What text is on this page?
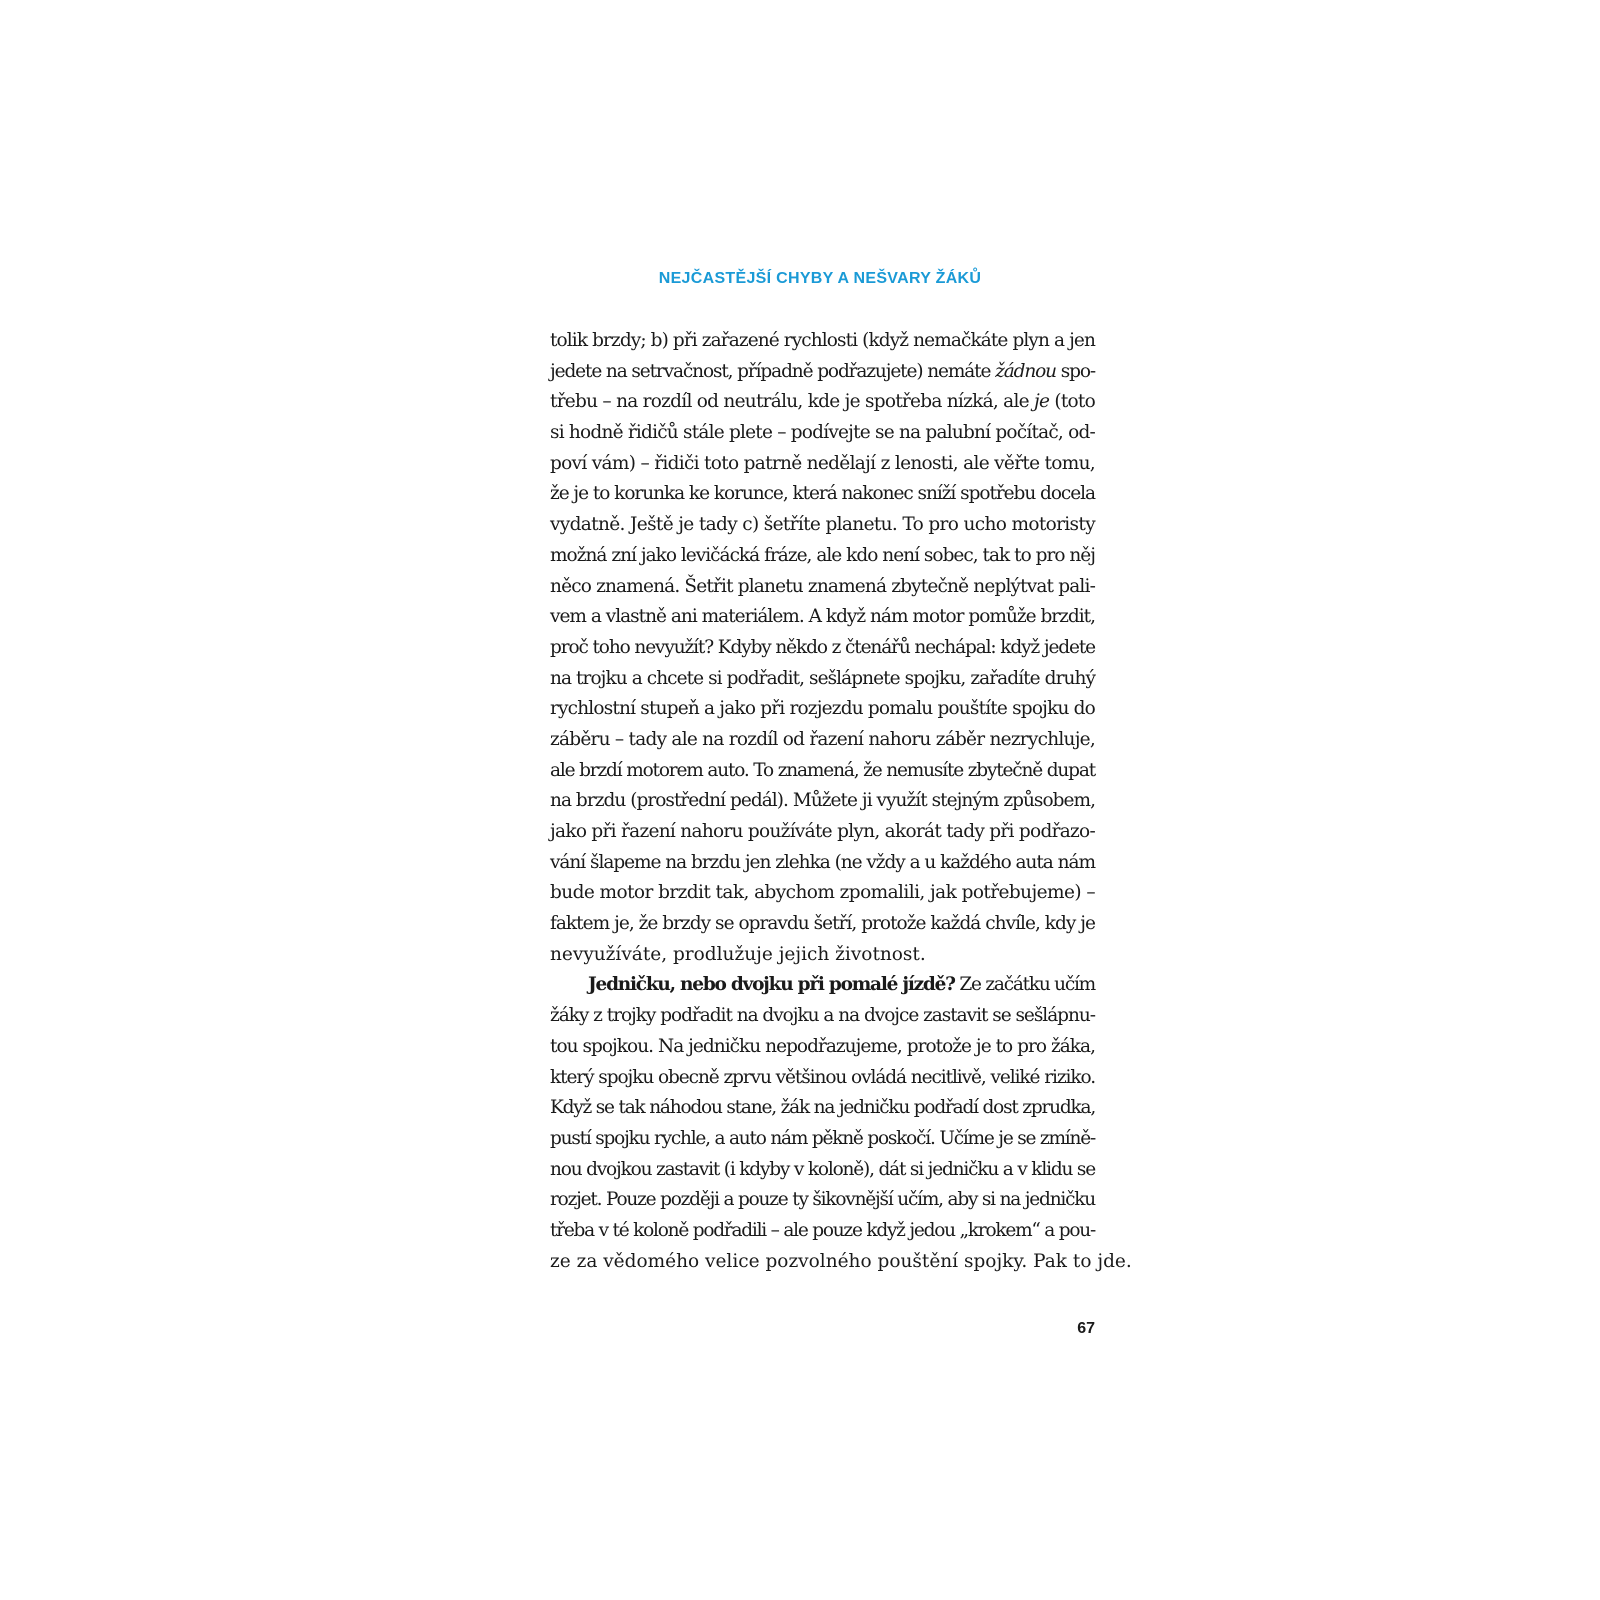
NEJČASTĚJŠÍ CHYBY A NEŠVARY ŽÁKŮ
tolik brzdy; b) při zařazené rychlosti (když nemačkáte plyn a jen
jedete na setrvačnost, případně podřazujete) nemáte žádnou spo-
třebu – na rozdíl od neutrálu, kde je spotřeba nízká, ale je (toto
si hodně řidičů stále plete – podívejte se na palubní počítač, od-
poví vám) – řidiči toto patrně nedělají z lenosti, ale věřte tomu,
že je to korunka ke korunce, která nakonec sníží spotřebu docela
vydatně. Ještě je tady c) šetříte planetu. To pro ucho motoristy
možná zní jako levičácká fráze, ale kdo není sobec, tak to pro něj
něco znamená. Šetřit planetu znamená zbytečně neplýtvat pali-
vem a vlastně ani materiálem. A když nám motor pomůže brzdit,
proč toho nevyužít? Kdyby někdo z čtenářů nechápal: když jedete
na trojku a chcete si podřadit, sešlápnete spojku, zařadíte druhý
rychlostní stupeň a jako při rozjezdu pomalu pouštíte spojku do
záběru – tady ale na rozdíl od řazení nahoru záběr nezrychluje,
ale brzdí motorem auto. To znamená, že nemusíte zbytečně dupat
na brzdu (prostřední pedál). Můžete ji využít stejným způsobem,
jako při řazení nahoru používáte plyn, akorát tady při podřazo-
vání šlapeme na brzdu jen zlehka (ne vždy a u každého auta nám
bude motor brzdit tak, abychom zpomalili, jak potřebujeme) –
faktem je, že brzdy se opravdu šetří, protože každá chvíle, kdy je
nevyužíváte, prodlužuje jejich životnost.
Jedničku, nebo dvojku při pomalé jízdě? Ze začátku učím
žáky z trojky podřadit na dvojku a na dvojce zastavit se sešlápnu-
tou spojkou. Na jedničku nepodřazujeme, protože je to pro žáka,
který spojku obecně zprvu většinou ovládá necitlivě, veliké riziko.
Když se tak náhodou stane, žák na jedničku podřadí dost zprudka,
pustí spojku rychle, a auto nám pěkně poskočí. Učíme je se zmíně-
nou dvojkou zastavit (i kdyby v koloně), dát si jedničku a v klidu se
rozjet. Pouze později a pouze ty šikovnější učím, aby si na jedničku
třeba v té koloně podřadili – ale pouze když jedou „krokem“ a pou-
ze za vědomého velice pozvolného pouštění spojky. Pak to jde.
67
